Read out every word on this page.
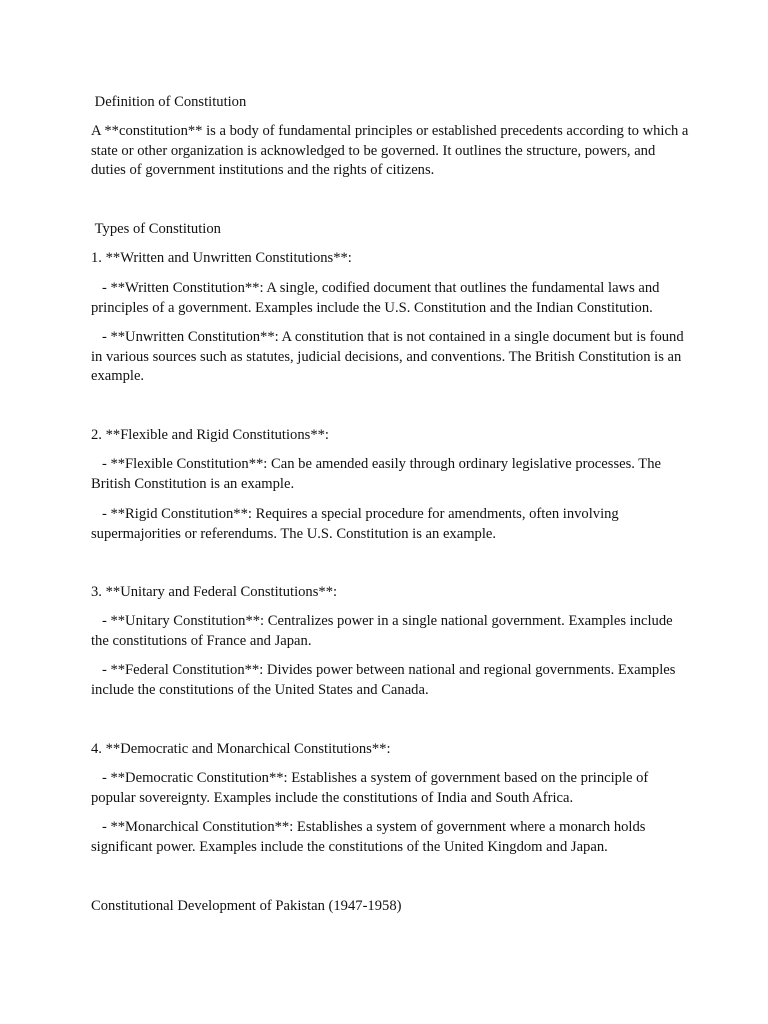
Definition of Constitution
A **constitution** is a body of fundamental principles or established precedents according to which a state or other organization is acknowledged to be governed. It outlines the structure, powers, and duties of government institutions and the rights of citizens.
Types of Constitution
1. **Written and Unwritten Constitutions**:
- **Written Constitution**: A single, codified document that outlines the fundamental laws and principles of a government. Examples include the U.S. Constitution and the Indian Constitution.
- **Unwritten Constitution**: A constitution that is not contained in a single document but is found in various sources such as statutes, judicial decisions, and conventions. The British Constitution is an example.
2. **Flexible and Rigid Constitutions**:
- **Flexible Constitution**: Can be amended easily through ordinary legislative processes. The British Constitution is an example.
- **Rigid Constitution**: Requires a special procedure for amendments, often involving supermajorities or referendums. The U.S. Constitution is an example.
3. **Unitary and Federal Constitutions**:
- **Unitary Constitution**: Centralizes power in a single national government. Examples include the constitutions of France and Japan.
- **Federal Constitution**: Divides power between national and regional governments. Examples include the constitutions of the United States and Canada.
4. **Democratic and Monarchical Constitutions**:
- **Democratic Constitution**: Establishes a system of government based on the principle of popular sovereignty. Examples include the constitutions of India and South Africa.
- **Monarchical Constitution**: Establishes a system of government where a monarch holds significant power. Examples include the constitutions of the United Kingdom and Japan.
Constitutional Development of Pakistan (1947-1958)
